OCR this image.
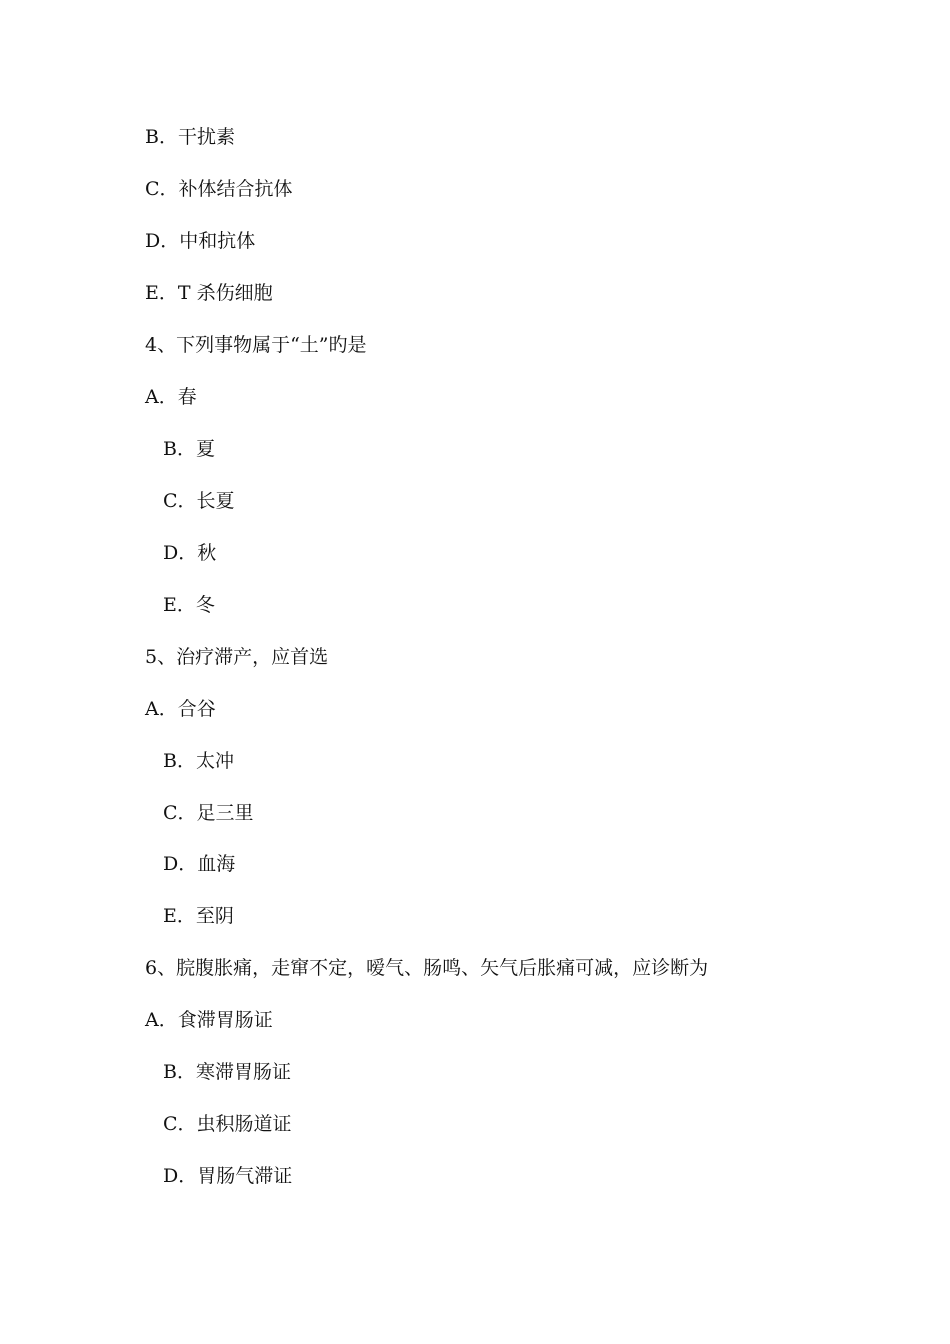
B．干扰素
C．补体结合抗体
D．中和抗体
E．T 杀伤细胞
4、下列事物属于“土”旳是
A．春
B．夏
C．长夏
D．秋
E．冬
5、治疗滞产，应首选
A．合谷
B．太冲
C．足三里
D．血海
E．至阴
6、脘腹胀痛，走窜不定，嗳气、肠鸣、矢气后胀痛可减，应诊断为
A．食滞胃肠证
B．寒滞胃肠证
C．虫积肠道证
D．胃肠气滞证
